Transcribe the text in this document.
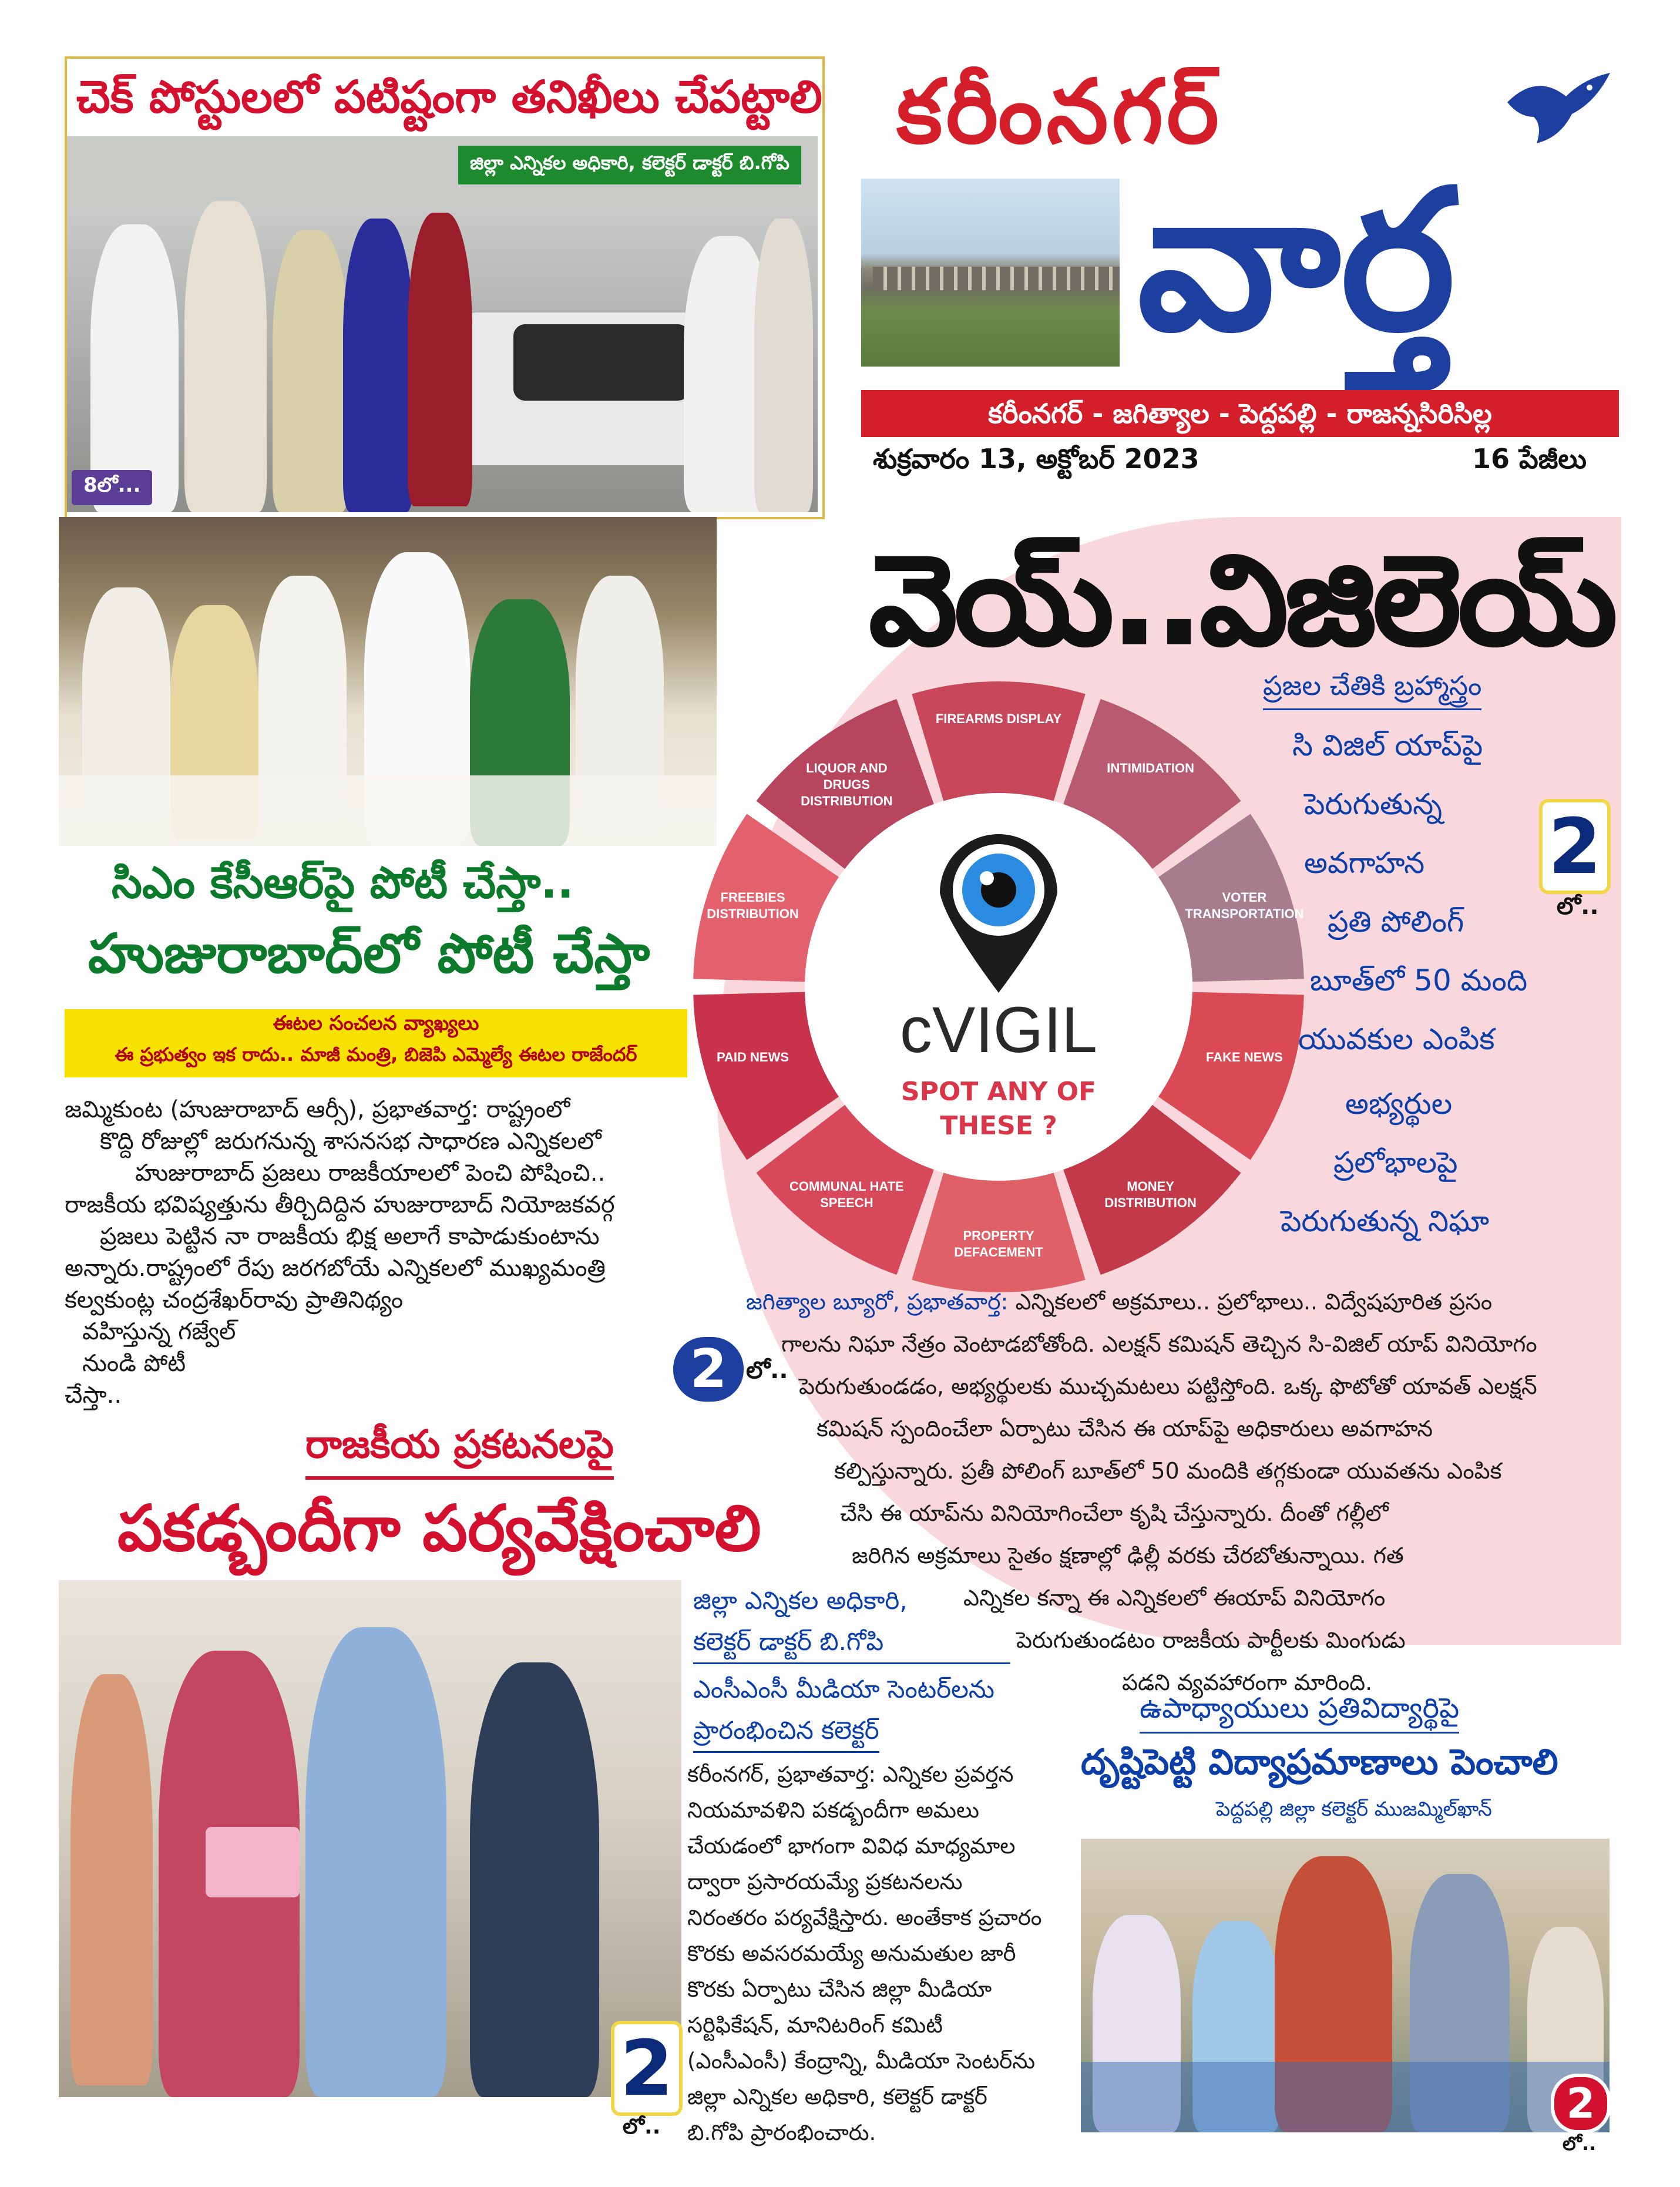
చెక్ పోస్టులలో పటిష్టంగా తనిఖీలు చేపట్టాలి
జిల్లా ఎన్నికల అధికారి, కలెక్టర్ డాక్టర్ బి.గోపి
8లో...
కరీంనగర్
వార్త
కరీంనగర్ - జగిత్యాల - పెద్దపల్లి - రాజన్నసిరిసిల్ల
శుక్రవారం 13, అక్టోబర్ 2023	16 పేజీలు
సిఎం కేసీఆర్‌పై పోటీ చేస్తా..
హుజురాబాద్‌లో పోటీ చేస్తా
ఈటల సంచలన వ్యాఖ్యలు
ఈ ప్రభుత్వం ఇక రాదు.. మాజీ మంత్రి, బిజెపి ఎమ్మెల్యే ఈటల రాజేందర్
జమ్మికుంట (హుజురాబాద్ ఆర్సీ), ప్రభాతవార్త: రాష్ట్రంలో
కొద్ది రోజుల్లో జరుగనున్న శాసనసభ సాధారణ ఎన్నికలలో
హుజురాబాద్ ప్రజలు రాజకీయాలలో పెంచి పోషించి..
రాజకీయ భవిష్యత్తును తీర్చిదిద్దిన హుజురాబాద్ నియోజకవర్గ
ప్రజలు పెట్టిన నా రాజకీయ భిక్ష అలాగే కాపాడుకుంటాను
అన్నారు.రాష్ట్రంలో రేపు జరగబోయే ఎన్నికలలో ముఖ్యమంత్రి
కల్వకుంట్ల చంద్రశేఖర్‌రావు ప్రాతినిథ్యం
వహిస్తున్న గజ్వేల్
నుండి పోటీ
చేస్తా..	2 లో..
వెయ్..విజిలెయ్
cVIGIL
SPOT ANY OF THESE ?
FIREARMS DISPLAY
INTIMIDATION
VOTER TRANSPORTATION
FAKE NEWS
MONEY DISTRIBUTION
PROPERTY DEFACEMENT
COMMUNAL HATE SPEECH
PAID NEWS
FREEBIES DISTRIBUTION
LIQUOR AND DRUGS DISTRIBUTION
ప్రజల చేతికి బ్రహ్మాస్త్రం
సి విజిల్ యాప్‌పై
పెరుగుతున్న
అవగాహన
ప్రతి పోలింగ్
బూత్‌లో 50 మంది
యువకుల ఎంపిక
అభ్యర్థుల
ప్రలోభాలపై
పెరుగుతున్న నిఘా
2
లో..
జగిత్యాల బ్యూరో, ప్రభాతవార్త: ఎన్నికలలో అక్రమాలు.. ప్రలోభాలు.. విద్వేషపూరిత ప్రసం
గాలను నిఘా నేత్రం వెంటాడబోతోంది. ఎలక్షన్ కమిషన్ తెచ్చిన సి-విజిల్ యాప్ వినియోగం
పెరుగుతుండడం, అభ్యర్థులకు ముచ్చమటలు పట్టిస్తోంది. ఒక్క ఫొటోతో యావత్ ఎలక్షన్
కమిషన్ స్పందించేలా ఏర్పాటు చేసిన ఈ యాప్‌పై అధికారులు అవగాహన
కల్పిస్తున్నారు. ప్రతీ పోలింగ్ బూత్‌లో 50 మందికి తగ్గకుండా యువతను ఎంపిక
చేసి ఈ యాప్‌ను వినియోగించేలా కృషి చేస్తున్నారు. దీంతో గల్లీలో
జరిగిన అక్రమాలు సైతం క్షణాల్లో ఢిల్లీ వరకు చేరబోతున్నాయి. గత
ఎన్నికల కన్నా ఈ ఎన్నికలలో ఈయాప్ వినియోగం
పెరుగుతుండటం రాజకీయ పార్టీలకు మింగుడు
పడని వ్యవహారంగా మారింది.
రాజకీయ ప్రకటనలపై
పకడ్బందీగా పర్యవేక్షించాలి
జిల్లా ఎన్నికల అధికారి,
కలెక్టర్ డాక్టర్ బి.గోపి
ఎంసీఎంసీ మీడియా సెంటర్‌లను
ప్రారంభించిన కలెక్టర్
కరీంనగర్, ప్రభాతవార్త: ఎన్నికల ప్రవర్తన
నియమావళిని పకడ్బందీగా అమలు
చేయడంలో భాగంగా వివిధ మాధ్యమాల
ద్వారా ప్రసారయమ్యే ప్రకటనలను
నిరంతరం పర్యవేక్షిస్తారు. అంతేకాక ప్రచారం
కొరకు అవసరమయ్యే అనుమతుల జారీ
కొరకు ఏర్పాటు చేసిన జిల్లా మీడియా
సర్టిఫికేషన్, మానిటరింగ్ కమిటీ
(ఎంసీఎంసీ) కేంద్రాన్ని, మీడియా సెంటర్‌ను
జిల్లా ఎన్నికల అధికారి, కలెక్టర్ డాక్టర్
బి.గోపి ప్రారంభించారు.
2
లో..
ఉపాధ్యాయులు ప్రతివిద్యార్థిపై
దృష్టిపెట్టి విద్యాప్రమాణాలు పెంచాలి
పెద్దపల్లి జిల్లా కలెక్టర్ ముజమ్మిల్‌ఖాన్
2
లో..
